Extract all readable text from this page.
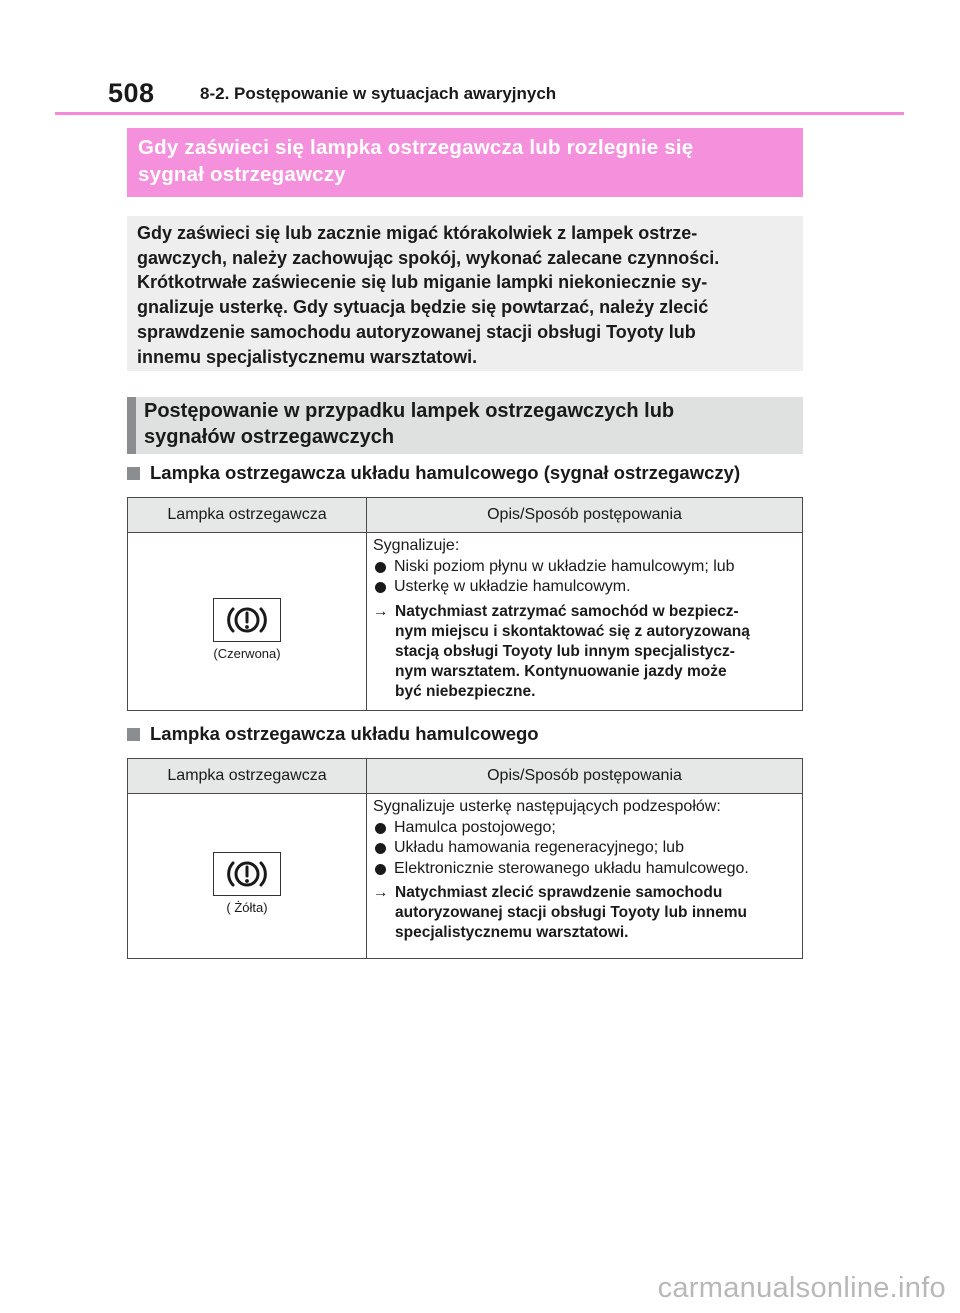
508	8-2. Postępowanie w sytuacjach awaryjnych
Gdy zaświeci się lampka ostrzegawcza lub rozlegnie się
sygnał ostrzegawczy

Gdy zaświeci się lub zacznie migać którakolwiek z lampek ostrze-

gawczych, należy zachowując spokój, wykonać zalecane czynności.

Krótkotrwałe zaświecenie się lub miganie lampki niekoniecznie sy-

gnalizuje usterkę. Gdy sytuacja będzie się powtarzać, należy zlecić

sprawdzenie samochodu autoryzowanej stacji obsługi Toyoty lub

innemu specjalistycznemu warsztatowi.

Postępowanie w przypadku lampek ostrzegawczych lub
sygnałów ostrzegawczych
Lampka ostrzegawcza układu hamulcowego (sygnał ostrzegawczy)
Lampka ostrzegawcza	Opis/Sposób postępowania
(Czerwona)
Sygnalizuje:
Niski poziom płynu w układzie hamulcowym; lub
Usterkę w układzie hamulcowym.
→ Natychmiast zatrzymać samochód w bezpiecz-
nym miejscu i skontaktować się z autoryzowaną
stacją obsługi Toyoty lub innym specjalistycz-
nym warsztatem. Kontynuowanie jazdy może
być niebezpieczne.
Lampka ostrzegawcza układu hamulcowego
Lampka ostrzegawcza	Opis/Sposób postępowania
( Żółta)
Sygnalizuje usterkę następujących podzespołów:
Hamulca postojowego;
Układu hamowania regeneracyjnego; lub
Elektronicznie sterowanego układu hamulcowego.
→ Natychmiast zlecić sprawdzenie samochodu
autoryzowanej stacji obsługi Toyoty lub innemu
specjalistycznemu warsztatowi.
carmanualsonline.info
